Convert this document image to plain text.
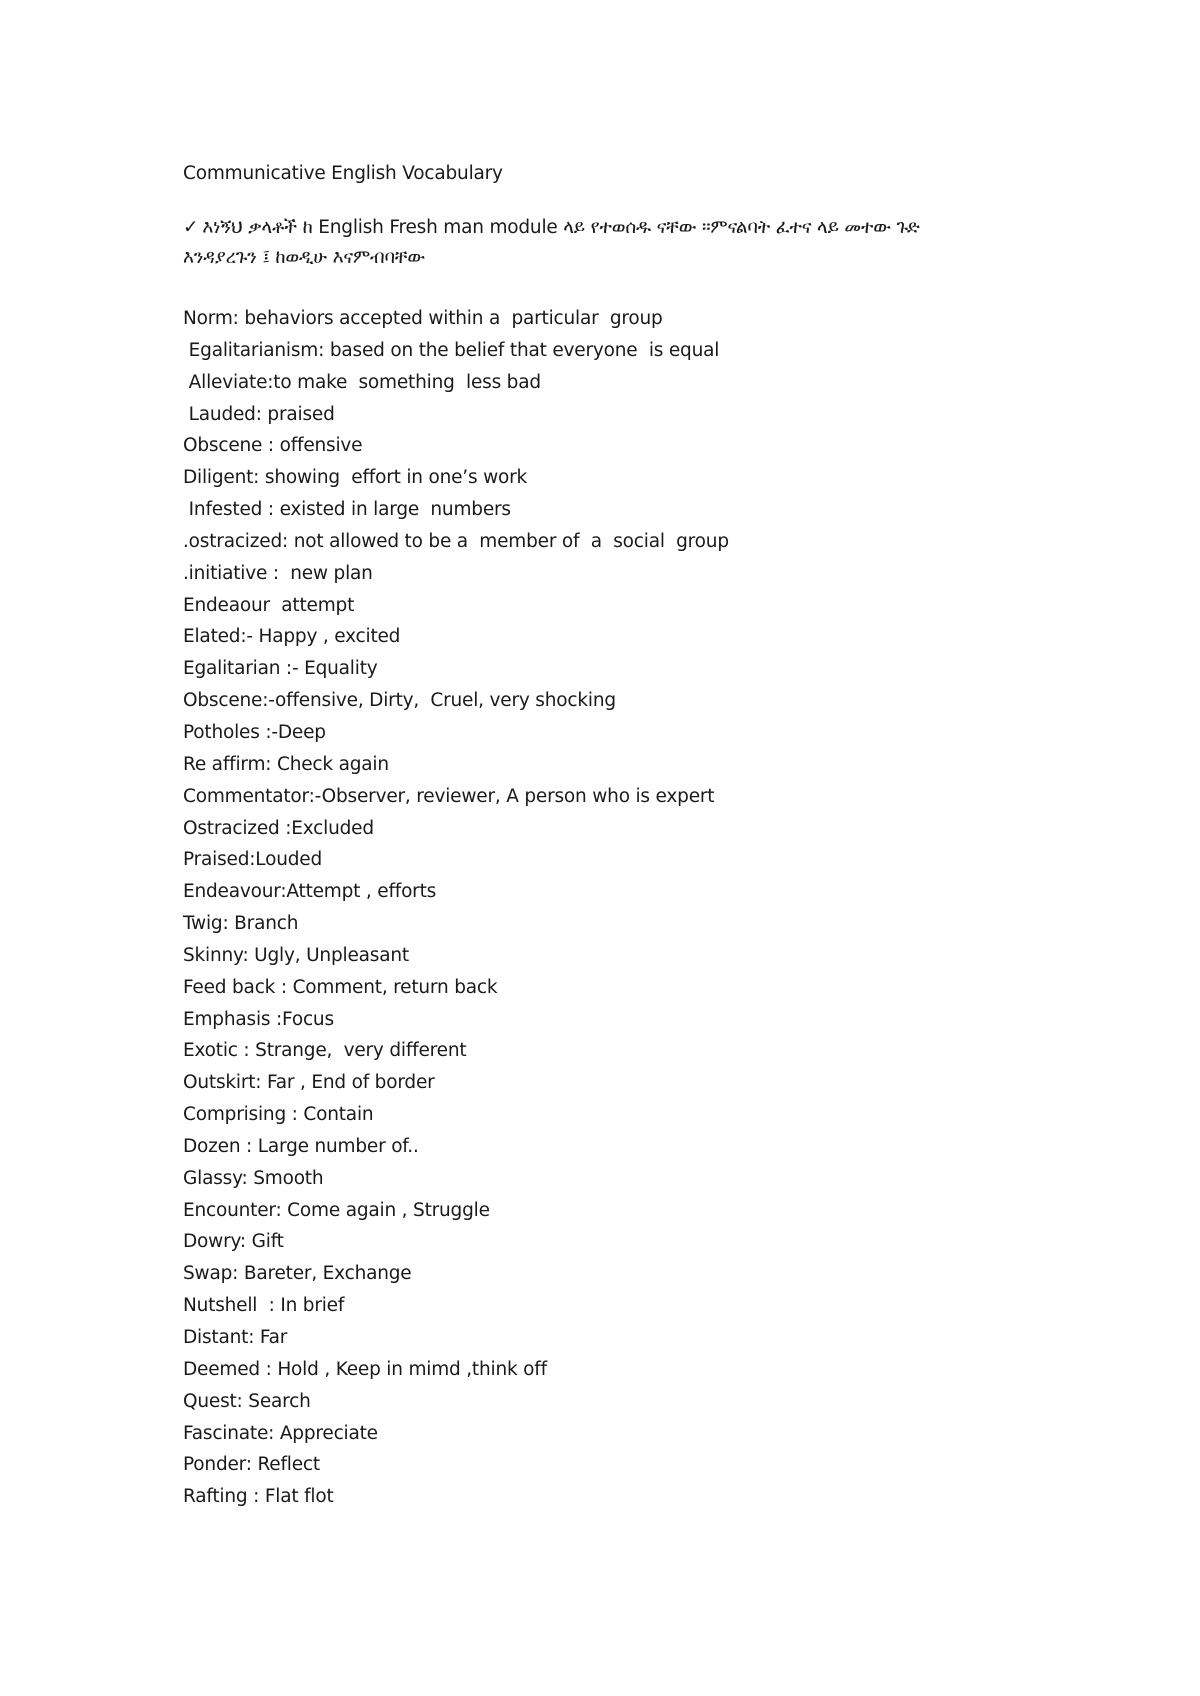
Communicative English Vocabulary
✓ እነኝህ ቃላቶች ከ English Fresh man module ላይ የተወሰዱ ናቸው ።ምናልባት ፈተና ላይ መተው ጉድ እንዳያረጉን ፤ ከወዲሁ እናምብባቸው
Norm: behaviors accepted within a  particular  group
Egalitarianism: based on the belief that everyone  is equal
Alleviate:to make  something  less bad
Lauded: praised
Obscene : offensive
Diligent: showing  effort in one’s work
Infested : existed in large  numbers
.ostracized: not allowed to be a  member of  a  social  group
.initiative :  new plan
Endeaour  attempt
Elated:- Happy , excited
Egalitarian :- Equality
Obscene:-offensive, Dirty,  Cruel, very shocking
Potholes :-Deep
Re affirm: Check again
Commentator:-Observer, reviewer, A person who is expert
Ostracized :Excluded
Praised:Louded
Endeavour:Attempt , efforts
Twig: Branch
Skinny: Ugly, Unpleasant
Feed back : Comment, return back
Emphasis :Focus
Exotic : Strange,  very different
Outskirt: Far , End of border
Comprising : Contain
Dozen : Large number of..
Glassy: Smooth
Encounter: Come again , Struggle
Dowry: Gift
Swap: Bareter, Exchange
Nutshell  : In brief
Distant: Far
Deemed : Hold , Keep in mimd ,think off
Quest: Search
Fascinate: Appreciate
Ponder: Reflect
Rafting : Flat flot
